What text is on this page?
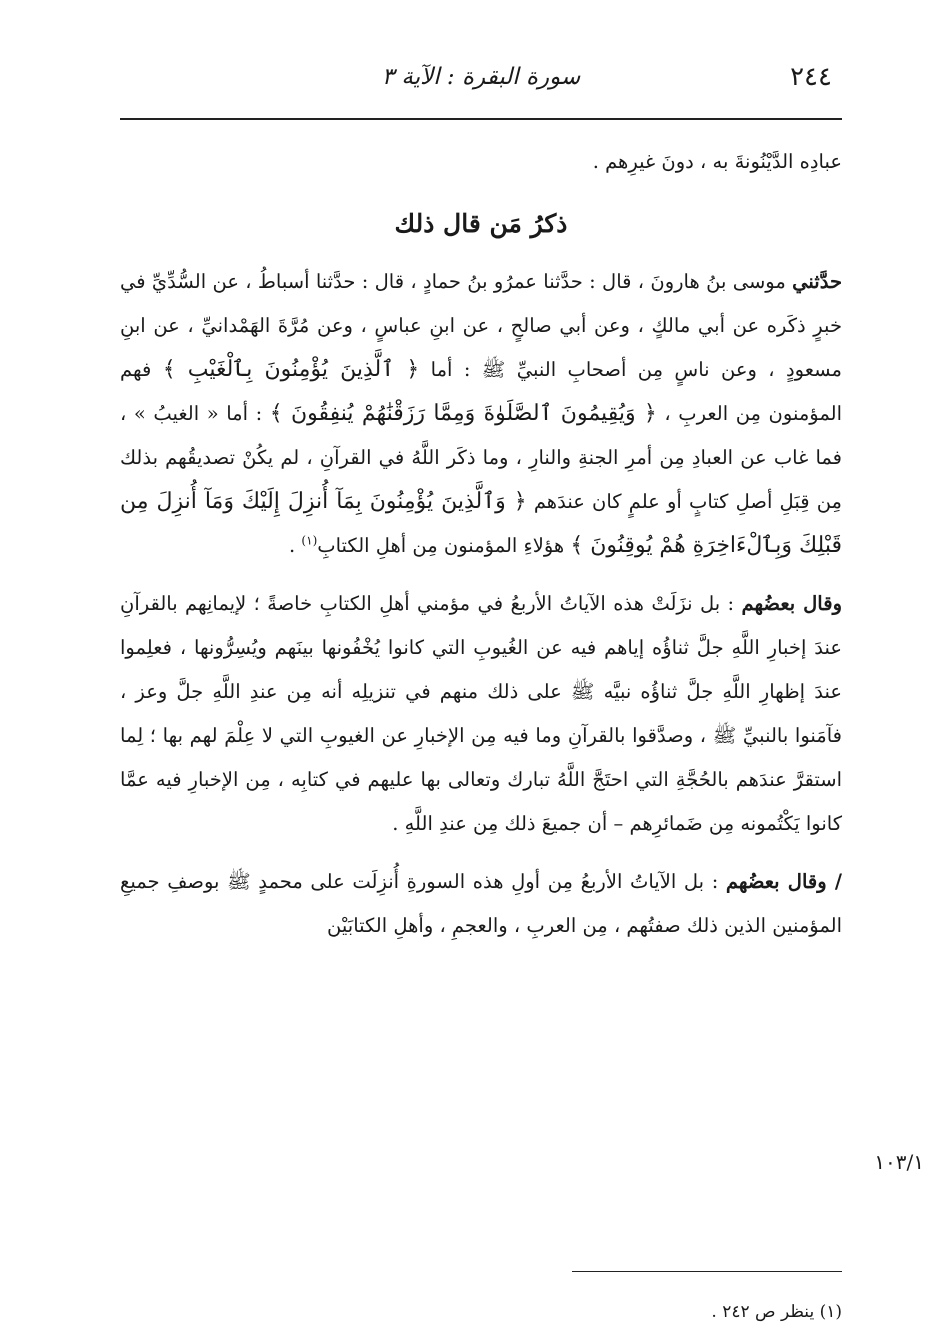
٢٤٤
سورة البقرة : الآية ٣

عبادِه الدَّيْنُونةَ به ، دونَ غيرِهم .

ذكرُ مَن قال ذلك

حدَّثني موسى بنُ هارونَ ، قال : حدَّثنا عمرُو بنُ حمادٍ ، قال : حدَّثنا أسباطُ ، عن السُّدِّيِّ في خبرٍ ذكَره عن أبي مالكٍ ، وعن أبي صالحٍ ، عن ابنِ عباسٍ ، وعن مُرَّةَ الهَمْدانيِّ ، عن ابنِ مسعودٍ ، وعن ناسٍ مِن أصحابِ النبيِّ ﷺ : أما ﴿ ٱلَّذِينَ يُؤْمِنُونَ بِٱلْغَيْبِ ﴾ فهم المؤمنون مِن العربِ ، ﴿ وَيُقِيمُونَ ٱلصَّلَوٰةَ وَمِمَّا رَزَقْنَٰهُمْ يُنفِقُونَ ﴾ : أما « الغيبُ » ، فما غاب عن العبادِ مِن أمرِ الجنةِ والنارِ ، وما ذكَر اللَّهُ في القرآنِ ، لم يكُنْ تصديقُهم بذلك مِن قِبَلِ أصلِ كتابٍ أو علمٍ كان عندَهم ﴿ وَٱلَّذِينَ يُؤْمِنُونَ بِمَآ أُنزِلَ إِلَيْكَ وَمَآ أُنزِلَ مِن قَبْلِكَ وَبِٱلْءَاخِرَةِ هُمْ يُوقِنُونَ ﴾ هؤلاءِ المؤمنون مِن أهلِ الكتابِ$^{(١)}$ .

وقال بعضُهم : بل نزَلَتْ هذه الآياتُ الأربعُ في مؤمني أهلِ الكتابِ خاصةً ؛ لإيمانِهم بالقرآنِ عندَ إخبارِ اللَّهِ جلَّ ثناؤُه إياهم فيه عن الغُيوبِ التي كانوا يُخْفُونها بينَهم ويُسِرُّونها ، فعلِموا عندَ إظهارِ اللَّهِ جلَّ ثناؤُه نبيَّه ﷺ على ذلك منهم في تنزيلِه أنه مِن عندِ اللَّهِ جلَّ وعز ، فآمَنوا بالنبيِّ ﷺ ، وصدَّقوا بالقرآنِ وما فيه مِن الإخبارِ عن الغيوبِ التي لا عِلْمَ لهم بها ؛ لِما استقرَّ عندَهم بالحُجَّةِ التي احتَجَّ اللَّهُ تبارك وتعالى بها عليهم في كتابِه ، مِن الإخبارِ فيه عمَّا كانوا يَكْتُمونه مِن ضَمائرِهم – أن جميعَ ذلك مِن عندِ اللَّهِ .

/ وقال بعضُهم : بل الآياتُ الأربعُ مِن أولِ هذه السورةِ أُنزِلَت على محمدٍ ﷺ بوصفِ جميعِ المؤمنين الذين ذلك صفتُهم ، مِن العربِ ، والعجمِ ، وأهلِ الكتابَيْن

١٠٣/١
(١) ينظر ص ٢٤٢ .
